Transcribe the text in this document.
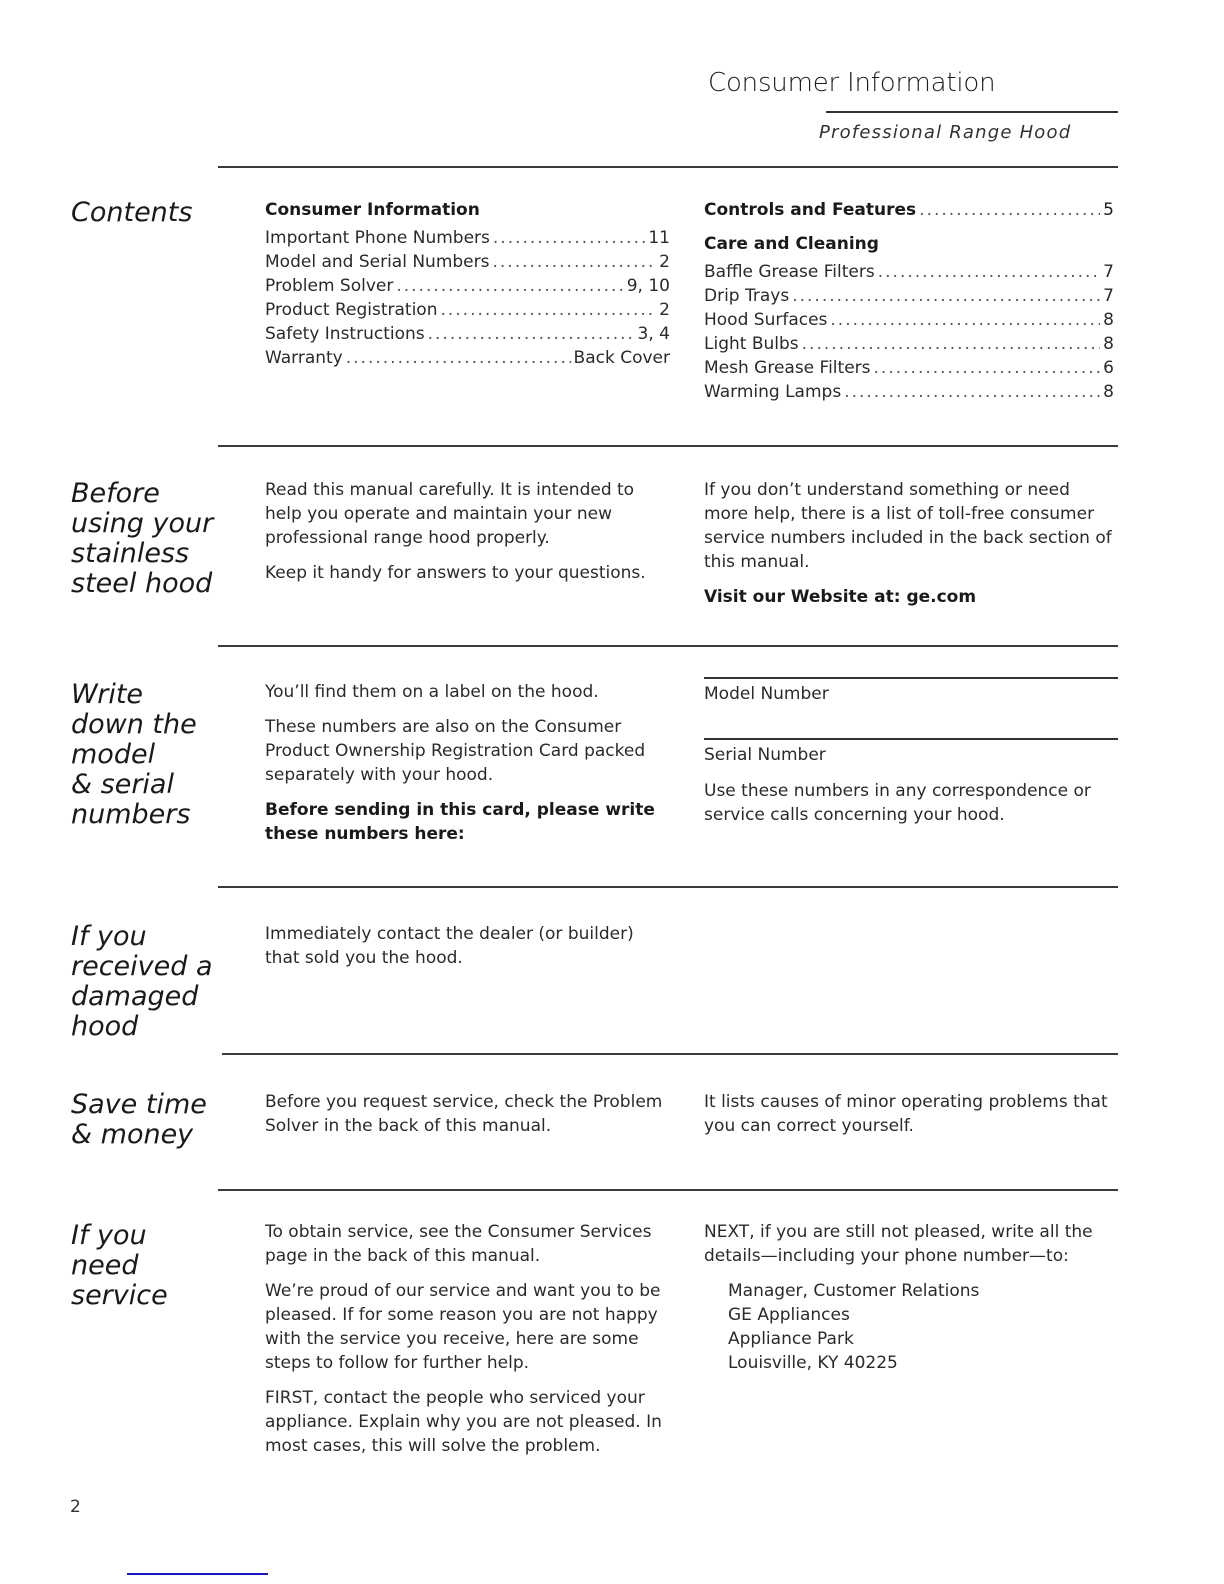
Consumer Information
Professional Range Hood
Contents	Consumer Information
Important Phone Numbers .....	11
Model and Serial Numbers .....	2
Problem Solver .....	9, 10
Product Registration .....	2
Safety Instructions .....	3, 4
Warranty .....	Back Cover
Controls and Features .....	5
Care and Cleaning
Baffle Grease Filters .....	7
Drip Trays .....	7
Hood Surfaces .....	8
Light Bulbs .....	8
Mesh Grease Filters .....	6
Warming Lamps .....	8
Before
using your
stainless
steel hood

Read this manual carefully. It is intended to help you operate and maintain your new professional range hood properly.

Keep it handy for answers to your questions.

If you don’t understand something or need more help, there is a list of toll-free consumer service numbers included in the back section of this manual.

Visit our Website at: ge.com

Write
down the
model
& serial
numbers

You’ll find them on a label on the hood.

These numbers are also on the Consumer Product Ownership Registration Card packed separately with your hood.

Before sending in this card, please write these numbers here:

Model Number
Serial Number

Use these numbers in any correspondence or service calls concerning your hood.

If you
received a
damaged
hood

Immediately contact the dealer (or builder) that sold you the hood.

Save time
& money

Before you request service, check the Problem Solver in the back of this manual.

It lists causes of minor operating problems that you can correct yourself.

If you
need
service

To obtain service, see the Consumer Services page in the back of this manual.

We’re proud of our service and want you to be pleased. If for some reason you are not happy with the service you receive, here are some steps to follow for further help.

FIRST, contact the people who serviced your appliance. Explain why you are not pleased. In most cases, this will solve the problem.

NEXT, if you are still not pleased, write all the details—including your phone number—to:

Manager, Customer Relations
GE Appliances
Appliance Park
Louisville, KY 40225
2
